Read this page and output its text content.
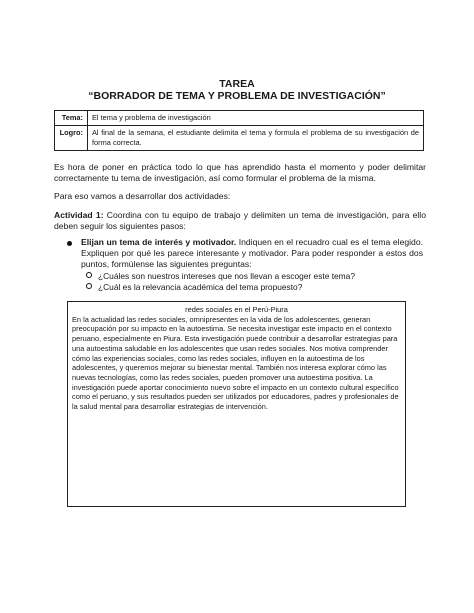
TAREA
“BORRADOR DE TEMA Y PROBLEMA DE INVESTIGACIÓN”
Tema:	El tema y problema de investigación
Logro:	Al final de la semana, el estudiante delimita el tema y formula el problema de su investigación de forma correcta.
Es hora de poner en práctica todo lo que has aprendido hasta el momento y poder delimitar correctamente tu tema de investigación, así como formular el problema de la misma.
Para eso vamos a desarrollar dos actividades:
Actividad 1: Coordina con tu equipo de trabajo y delimiten un tema de investigación, para ello deben seguir los siguientes pasos:
Elijan un tema de interés y motivador. Indiquen en el recuadro cual es el tema elegido. Expliquen por qué les parece interesante y motivador. Para poder responder a estos dos puntos, formúlense las siguientes preguntas:
¿Cuáles son nuestros intereses que nos llevan a escoger este tema?
¿Cuál es la relevancia académica del tema propuesto?
redes sociales en el Perú-Piura
En la actualidad las redes sociales, omnipresentes en la vida de los adolescentes, generan preocupación por su impacto en la autoestima. Se necesita investigar este impacto en el contexto peruano, especialmente en Piura. Esta investigación puede contribuir a desarrollar estrategias para una autoestima saludable en los adolescentes que usan redes sociales. Nos motiva comprender cómo las experiencias sociales, como las redes sociales, influyen en la autoestima de los adolescentes, y queremos mejorar su bienestar mental. También nos interesa explorar cómo las nuevas tecnologías, como las redes sociales, pueden promover una autoestima positiva. La investigación puede aportar conocimiento nuevo sobre el impacto en un contexto cultural específico como el peruano, y sus resultados pueden ser utilizados por educadores, padres y profesionales de la salud mental para desarrollar estrategias de intervención.
